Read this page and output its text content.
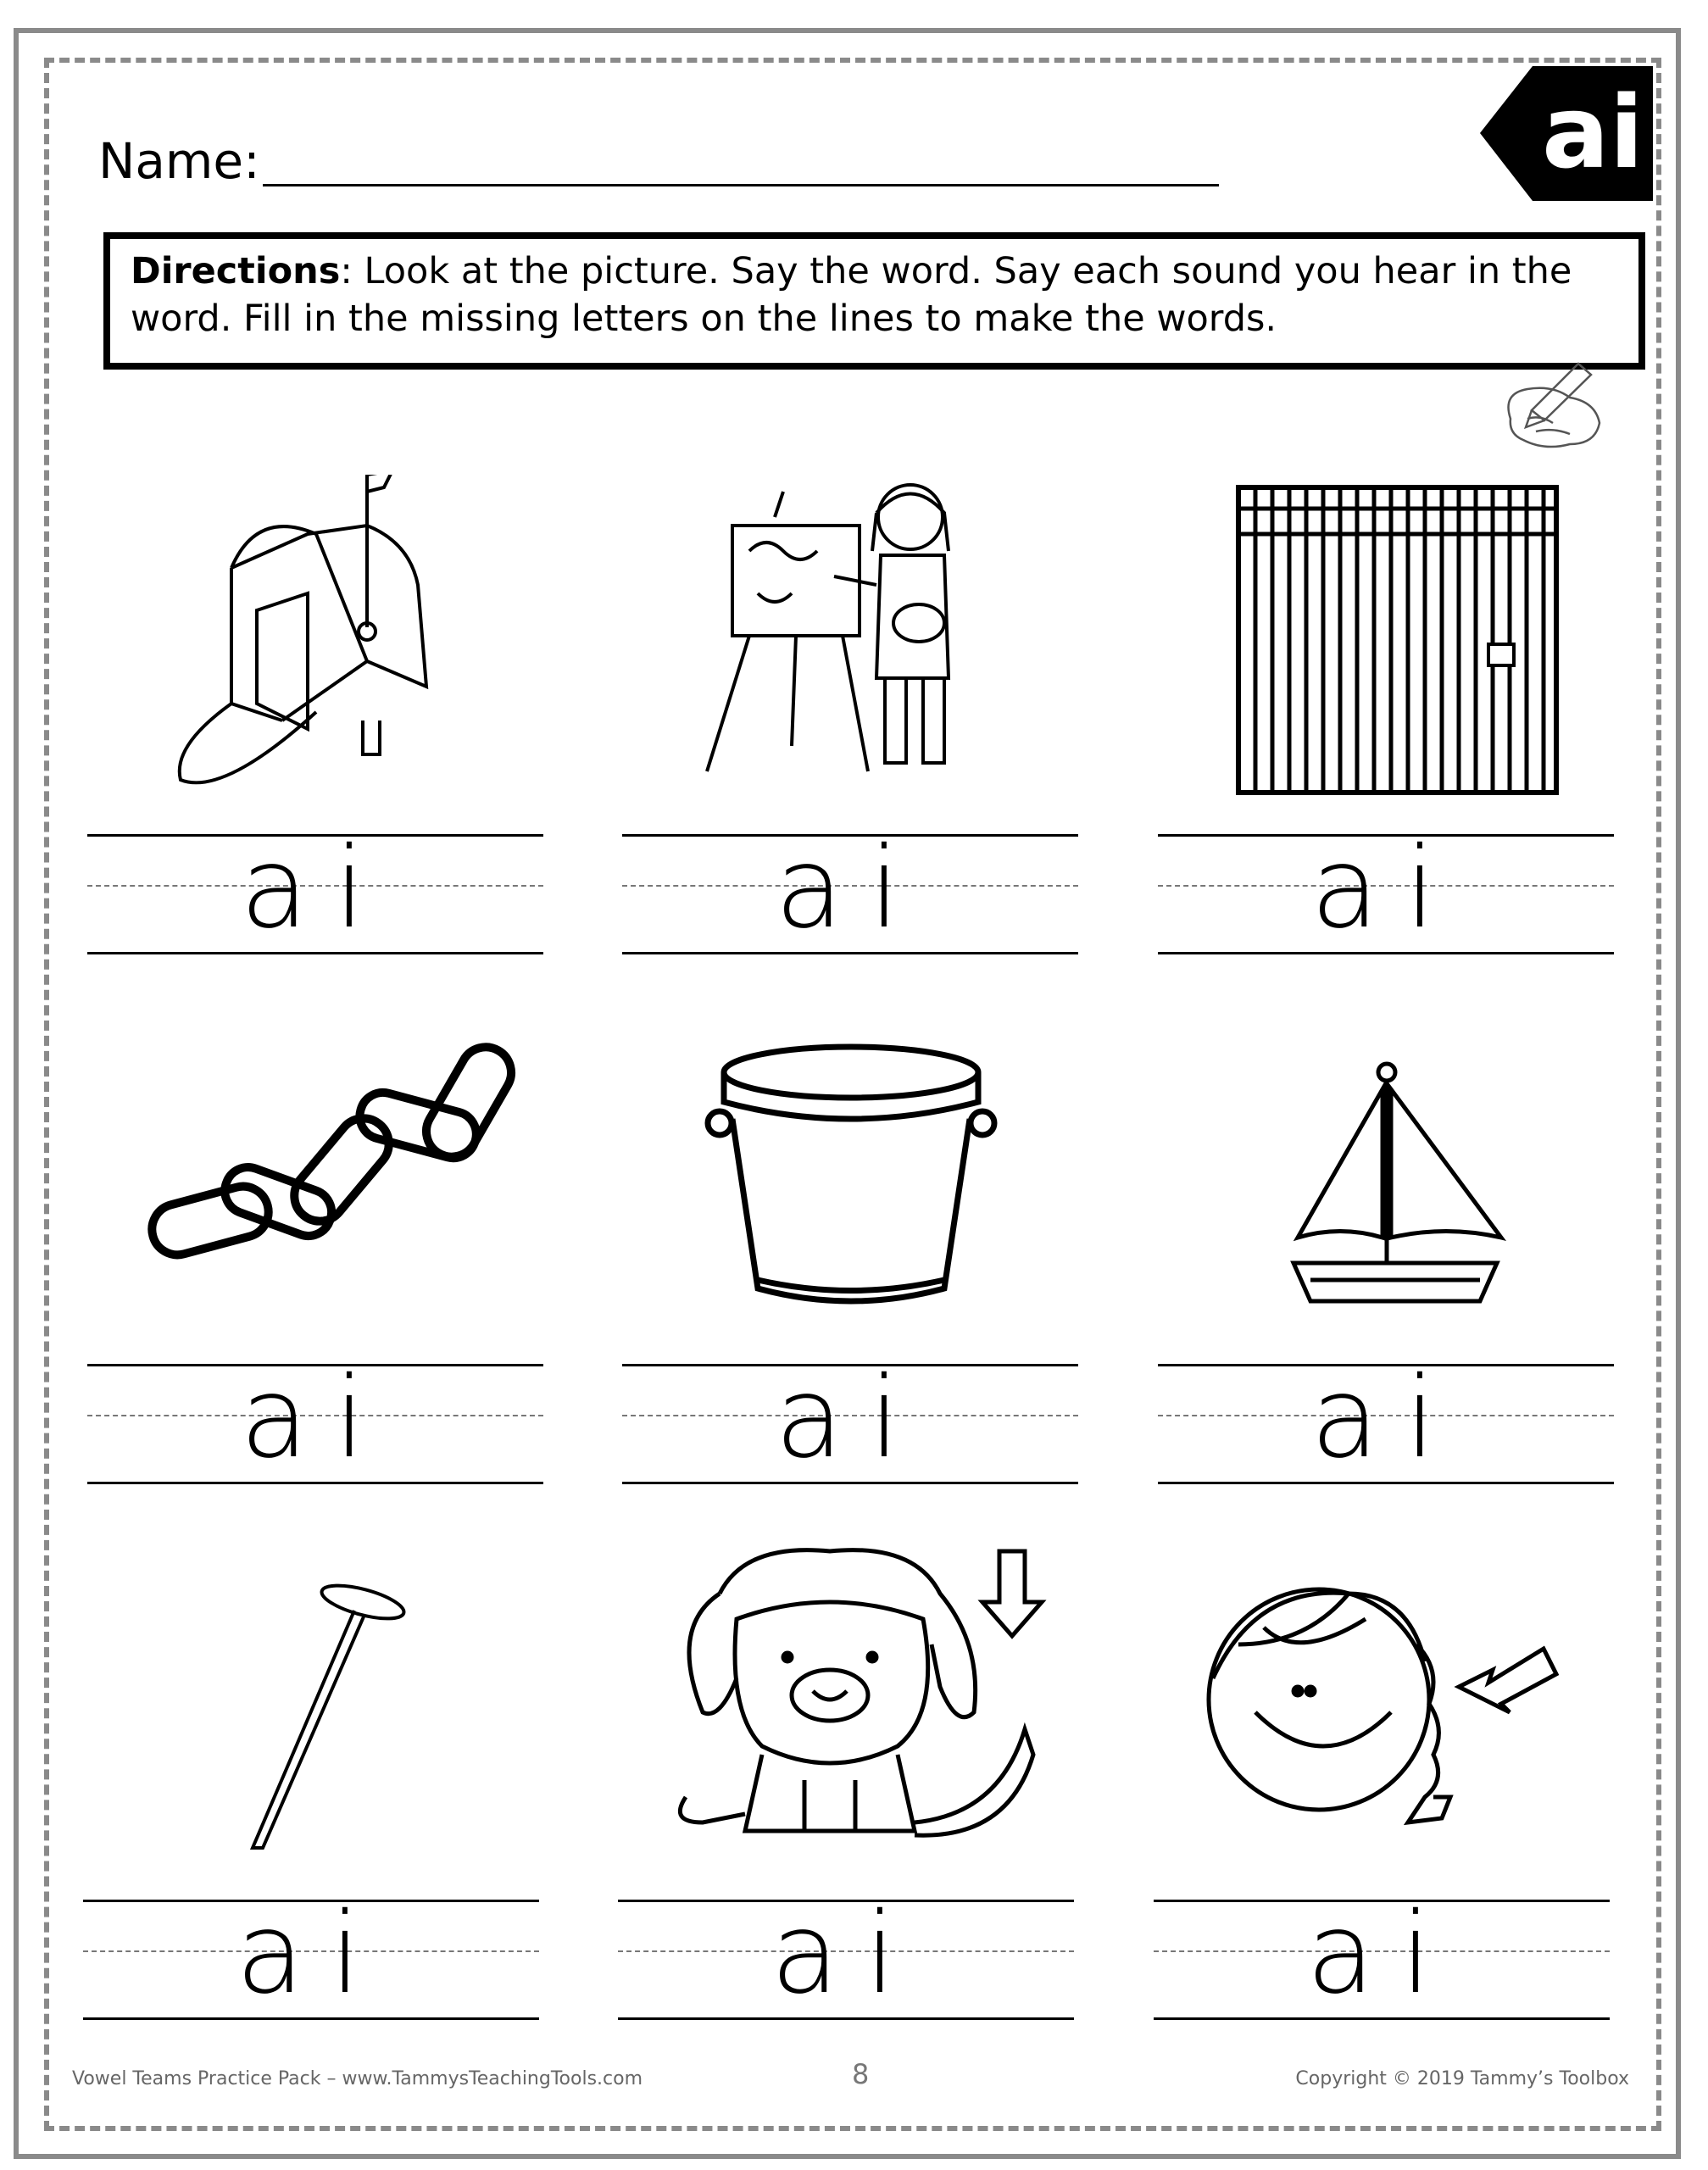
Name:	ai
Directions: Look at the picture. Say the word. Say each sound you hear in the word. Fill in the missing letters on the lines to make the words.
ai	ai	ai
ai	ai	ai
ai	ai	ai
Vowel Teams Practice Pack – www.TammysTeachingTools.com	8	Copyright © 2019 Tammy’s Toolbox
